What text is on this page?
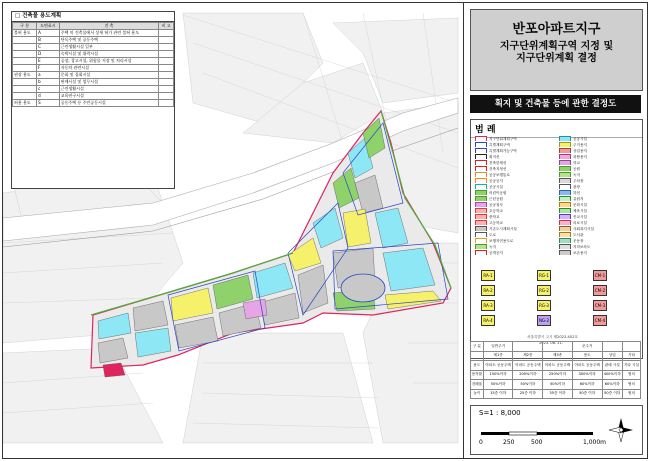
□ 건축물 용도계획
구 분	도면표시	건 축	비 고
불허 용도	A	주택 미 건축물에서 상세 허가 관련 불허 용도	
	B	단독주택 및 공동주택	
	C	근린생활시설 일부	
	D	숙박시설 및 위락시설	
	E	공장, 창고시설, 위험물 저장 및 처리시설	
	F	자동차 관련시설	
권장 용도	a	문화 및 집회시설	
	b	판매시설 및 업무시설	
	c	근린생활시설	
	d	교육연구시설	
허용 용도	S	공동주택 등 주민공동시설	
반포아파트지구
지구단위계획구역 지정 및
지구단위계획 결정
획지 및 건축물 등에 관한 결정도
범 례
지구단위계획구역
특별계획구역
특별계획가능구역
획지선
건축한계선
건축지정선
공공보행통로
공공공지
공공시설
어린이공원
근린공원
공공청사
초등학교
중학교
고등학교
기존도시계획시설
도로
보행자전용도로
녹지
공개공지
공공시설
주거용지
상업용지
복합용지
학교
공원
녹지
주차장
광장
하천
유원지
문화시설
체육시설
종교시설
의료시설
사회복지시설
도서관
운동장
지하보차도
보존용지
RA-1	RG-1	CM-1
RA-2	RG-2	CM-2
RA-3	RG-3	CM-3
RA-4	NG-2	CM-4
서울특별시 고시 제2023-452호
2023. 06. 21.
구 분	일반주거			준주거		
	제1종	제2종	제3종	용도	상업	기타
용도	아파트 공동주택	아파트 공동주택	아파트 공동주택	아파트 공동주택	판매 시설	기타 시설
용적률	150%이하	200%이하	250%이하	300%이하	400%이하	협의
건폐율	50%이하	50%이하	50%이하	60%이하	60%이하	협의
높이	15층 이하	25층 이하	35층 이하	50층 이하	50층 이하	협의
S=1 : 8,000
0	250	500	1,000m
